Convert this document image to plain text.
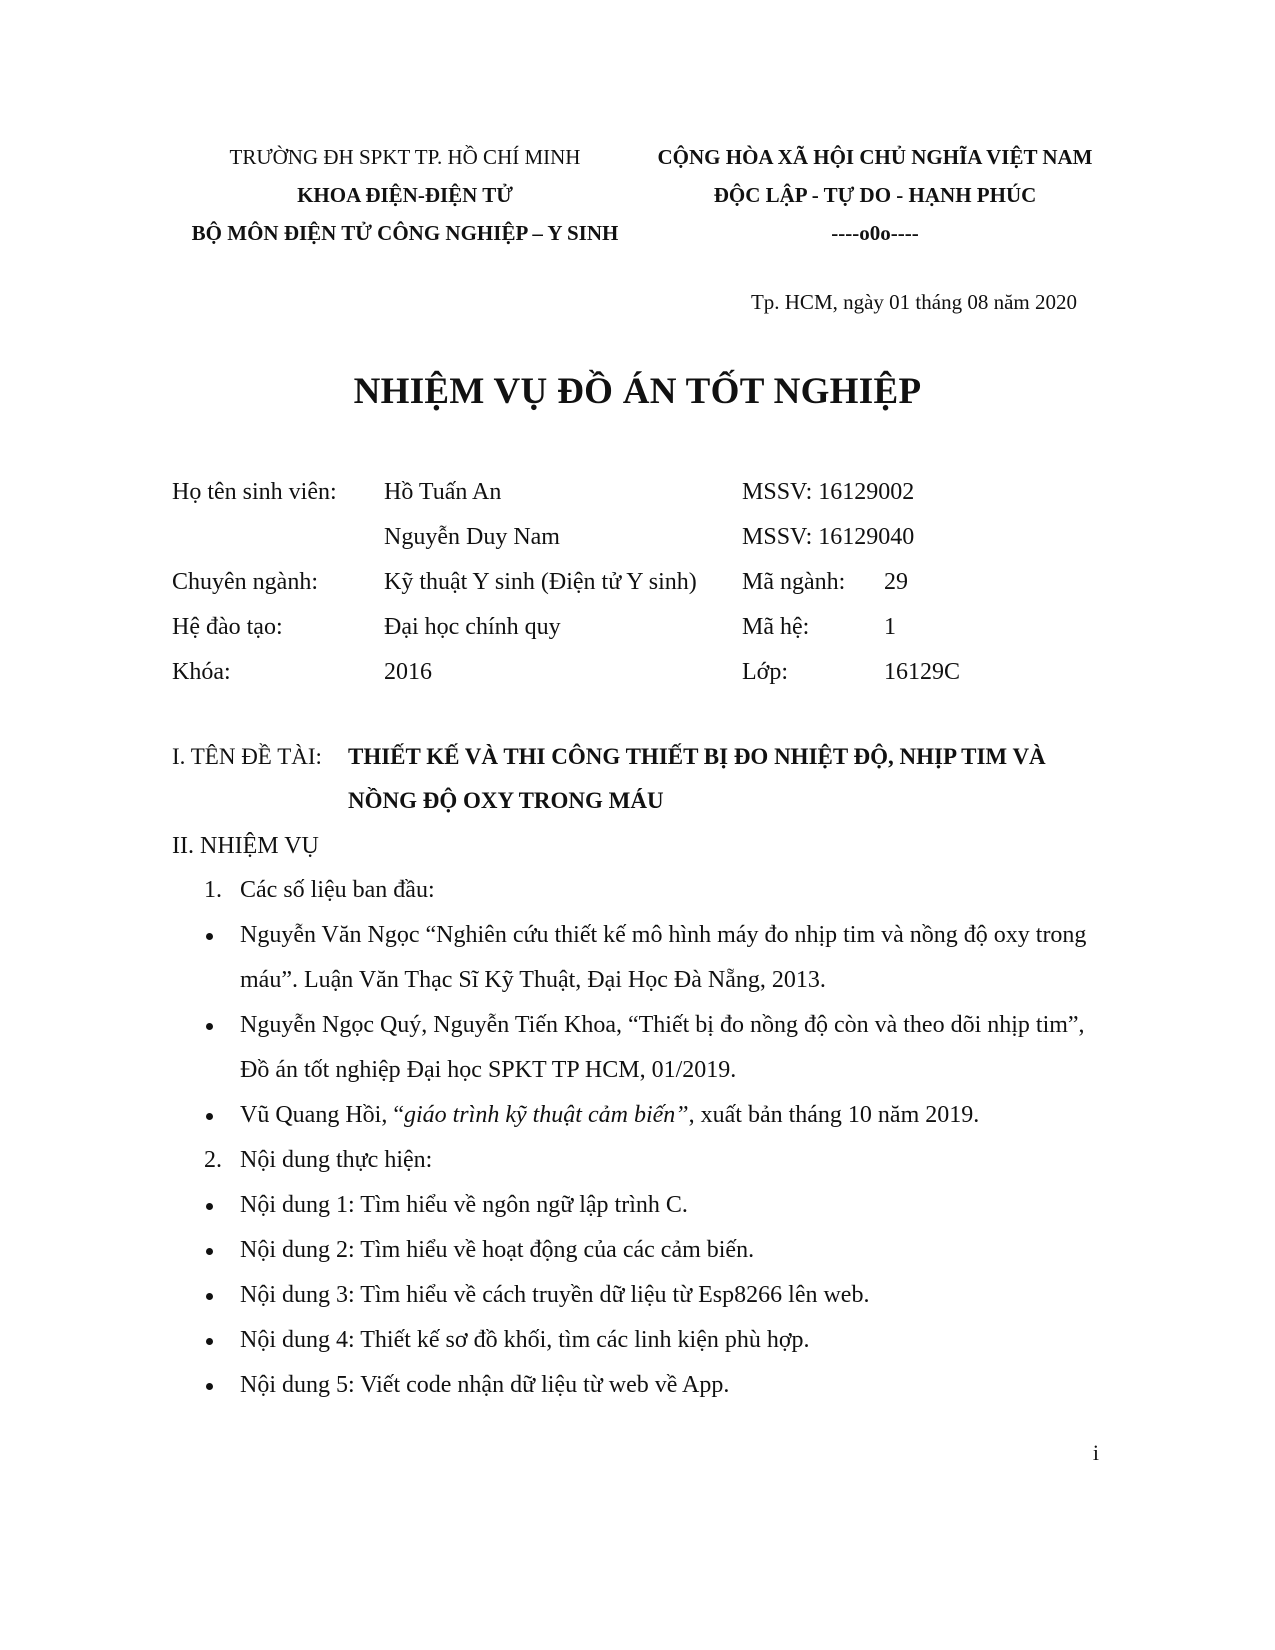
TRƯỜNG ĐH SPKT TP. HỒ CHÍ MINH
KHOA ĐIỆN-ĐIỆN TỬ
BỘ MÔN ĐIỆN TỬ CÔNG NGHIỆP – Y SINH
CỘNG HÒA XÃ HỘI CHỦ NGHĨA VIỆT NAM
ĐỘC LẬP - TỰ DO - HẠNH PHÚC
----o0o----
Tp. HCM, ngày 01 tháng 08 năm 2020
NHIỆM VỤ ĐỒ ÁN TỐT NGHIỆP
Họ tên sinh viên: Hồ Tuấn An	MSSV: 16129002
Nguyễn Duy Nam	MSSV: 16129040
Chuyên ngành:	Kỹ thuật Y sinh (Điện tử Y sinh) Mã ngành: 29
Hệ đào tạo:	Đại học chính quy	Mã hệ:	1
Khóa:	2016	Lớp:	16129C
I. TÊN ĐỀ TÀI: THIẾT KẾ VÀ THI CÔNG THIẾT BỊ ĐO NHIỆT ĐỘ, NHỊP TIM VÀ NỒNG ĐỘ OXY TRONG MÁU
II. NHIỆM VỤ
1. Các số liệu ban đầu:
Nguyễn Văn Ngọc “Nghiên cứu thiết kế mô hình máy đo nhịp tim và nồng độ oxy trong máu”. Luận Văn Thạc Sĩ Kỹ Thuật, Đại Học Đà Nẵng, 2013.
Nguyễn Ngọc Quý, Nguyễn Tiến Khoa, “Thiết bị đo nồng độ còn và theo dõi nhịp tim”, Đồ án tốt nghiệp Đại học SPKT TP HCM, 01/2019.
Vũ Quang Hồi, “giáo trình kỹ thuật cảm biến”, xuất bản tháng 10 năm 2019.
2. Nội dung thực hiện:
Nội dung 1: Tìm hiểu về ngôn ngữ lập trình C.
Nội dung 2: Tìm hiểu về hoạt động của các cảm biến.
Nội dung 3: Tìm hiểu về cách truyền dữ liệu từ Esp8266 lên web.
Nội dung 4: Thiết kế sơ đồ khối, tìm các linh kiện phù hợp.
Nội dung 5: Viết code nhận dữ liệu từ web về App.
i
